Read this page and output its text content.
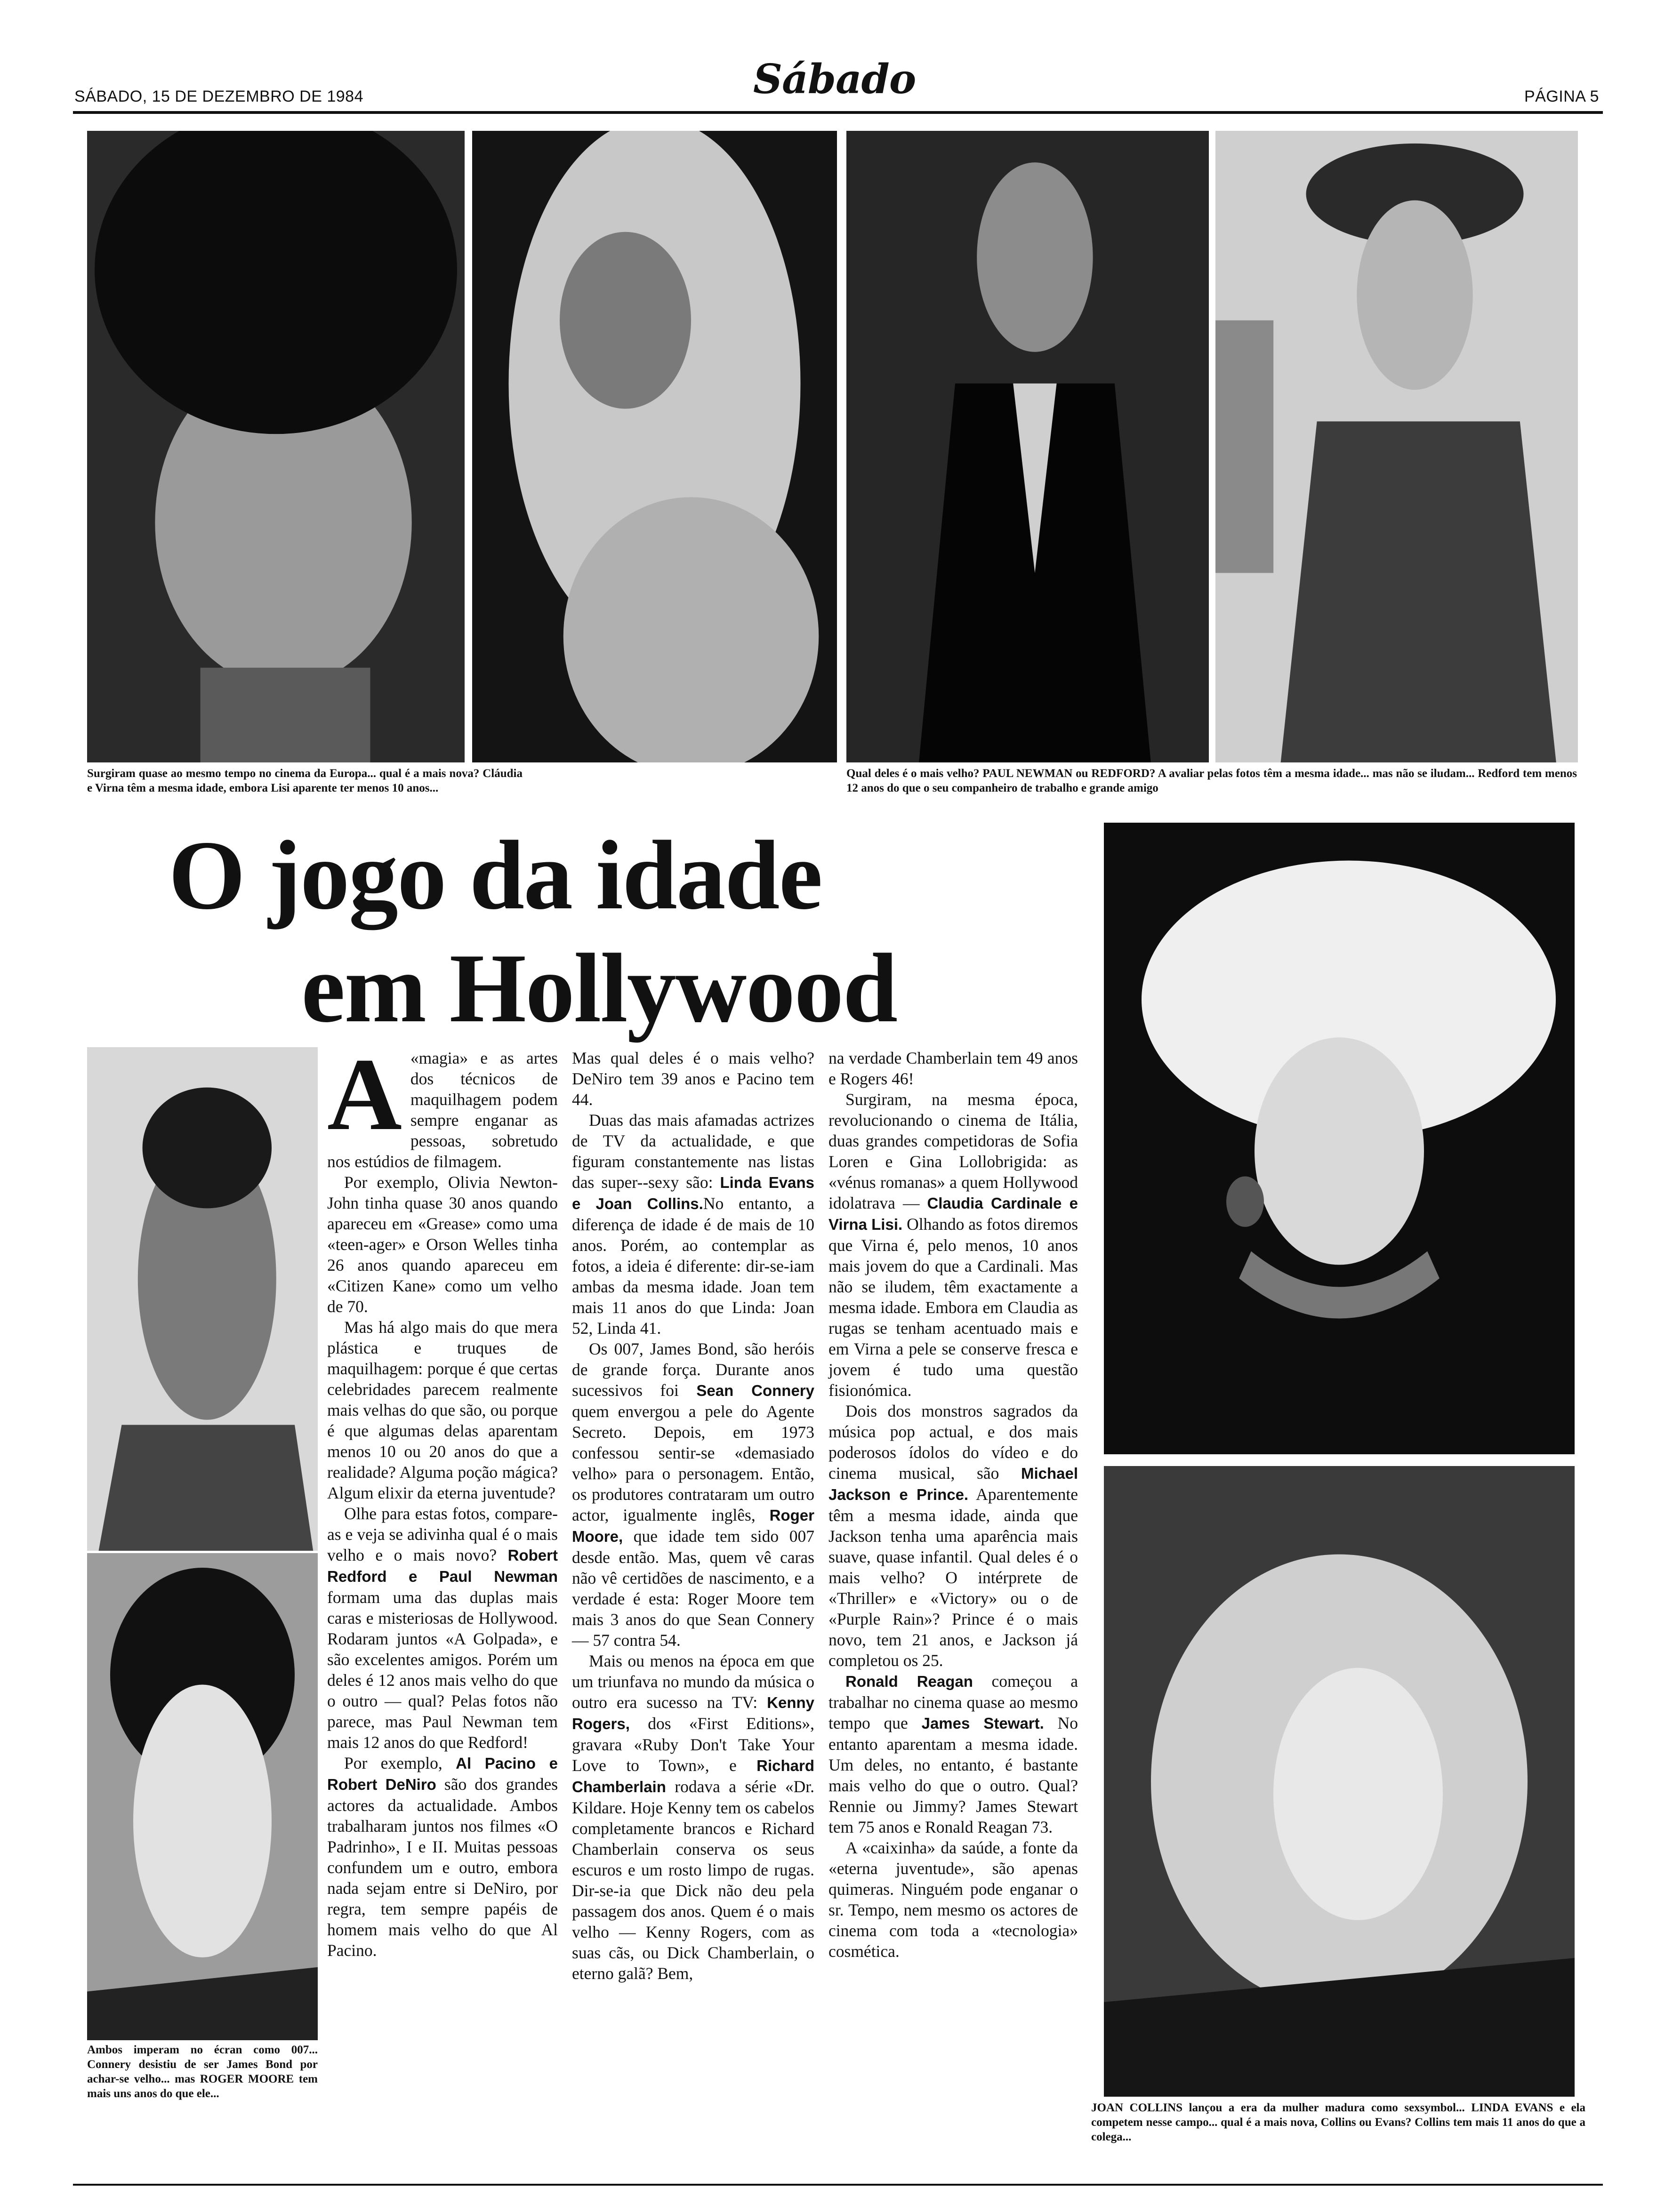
SÁBADO, 15 DE DEZEMBRO DE 1984	Sábado	PÁGINA 5
Surgiram quase ao mesmo tempo no cinema da Europa... qual é a mais nova? Cláudia e Virna têm a mesma idade, embora Lisi aparente ter menos 10 anos...
Qual deles é o mais velho? PAUL NEWMAN ou REDFORD? A avaliar pelas fotos têm a mesma idade... mas não se iludam... Redford tem menos 12 anos do que o seu companheiro de trabalho e grande amigo
O jogo da idade
em Hollywood
JOAN COLLINS lançou a era da mulher madura como sexsymbol... LINDA EVANS e ela competem nesse campo... qual é a mais nova, Collins ou Evans? Collins tem mais 11 anos do que a colega...
Ambos imperam no écran como 007... Connery desistiu de ser James Bond por achar-se velho... mas ROGER MOORE tem mais uns anos do que ele...

A «magia» e as artes dos técnicos de maquilhagem podem sempre enganar as pessoas, sobretudo nos estúdios de filmagem.

Por exemplo, Olivia Newton-John tinha quase 30 anos quando apareceu em «Grease» como uma «teen-ager» e Orson Welles tinha 26 anos quando apareceu em «Citizen Kane» como um velho de 70.

Mas há algo mais do que mera plástica e truques de maquilhagem: porque é que certas celebridades parecem realmente mais velhas do que são, ou porque é que algumas delas aparentam menos 10 ou 20 anos do que a realidade? Alguma poção mágica? Algum elixir da eterna juventude?

Olhe para estas fotos, compare-as e veja se adivinha qual é o mais velho e o mais novo? Robert Redford e Paul Newman formam uma das duplas mais caras e misteriosas de Hollywood. Rodaram juntos «A Golpada», e são excelentes amigos. Porém um deles é 12 anos mais velho do que o outro — qual? Pelas fotos não parece, mas Paul Newman tem mais 12 anos do que Redford!

Por exemplo, Al Pacino e Robert DeNiro são dos grandes actores da actualidade. Ambos trabalharam juntos nos filmes «O Padrinho», I e II. Muitas pessoas confundem um e outro, embora nada sejam entre si DeNiro, por regra, tem sempre papéis de homem mais velho do que Al Pacino.

Mas qual deles é o mais velho? DeNiro tem 39 anos e Pacino tem 44.

Duas das mais afamadas actrizes de TV da actualidade, e que figuram constantemente nas listas das super--sexy são: Linda Evans e Joan Collins.No entanto, a diferença de idade é de mais de 10 anos. Porém, ao contemplar as fotos, a ideia é diferente: dir-se-iam ambas da mesma idade. Joan tem mais 11 anos do que Linda: Joan 52, Linda 41.

Os 007, James Bond, são heróis de grande força. Durante anos sucessivos foi Sean Connery quem envergou a pele do Agente Secreto. Depois, em 1973 confessou sentir-se «demasiado velho» para o personagem. Então, os produtores contrataram um outro actor, igualmente inglês, Roger Moore, que idade tem sido 007 desde então. Mas, quem vê caras não vê certidões de nascimento, e a verdade é esta: Roger Moore tem mais 3 anos do que Sean Connery — 57 contra 54.

Mais ou menos na época em que um triunfava no mundo da música o outro era sucesso na TV: Kenny Rogers, dos «First Editions», gravara «Ruby Don't Take Your Love to Town», e Richard Chamberlain rodava a série «Dr. Kildare. Hoje Kenny tem os cabelos completamente brancos e Richard Chamberlain conserva os seus escuros e um rosto limpo de rugas. Dir-se-ia que Dick não deu pela passagem dos anos. Quem é o mais velho — Kenny Rogers, com as suas cãs, ou Dick Chamberlain, o eterno galã? Bem,

na verdade Chamberlain tem 49 anos e Rogers 46!

Surgiram, na mesma época, revolucionando o cinema de Itália, duas grandes competidoras de Sofia Loren e Gina Lollobrigida: as «vénus romanas» a quem Hollywood idolatrava — Claudia Cardinale e Virna Lisi. Olhando as fotos diremos que Virna é, pelo menos, 10 anos mais jovem do que a Cardinali. Mas não se iludem, têm exactamente a mesma idade. Embora em Claudia as rugas se tenham acentuado mais e em Virna a pele se conserve fresca e jovem é tudo uma questão fisionómica.

Dois dos monstros sagrados da música pop actual, e dos mais poderosos ídolos do vídeo e do cinema musical, são Michael Jackson e Prince. Aparentemente têm a mesma idade, ainda que Jackson tenha uma aparência mais suave, quase infantil. Qual deles é o mais velho? O intérprete de «Thriller» e «Victory» ou o de «Purple Rain»? Prince é o mais novo, tem 21 anos, e Jackson já completou os 25.

Ronald Reagan começou a trabalhar no cinema quase ao mesmo tempo que James Stewart. No entanto aparentam a mesma idade. Um deles, no entanto, é bastante mais velho do que o outro. Qual? Rennie ou Jimmy? James Stewart tem 75 anos e Ronald Reagan 73.

A «caixinha» da saúde, a fonte da «eterna juventude», são apenas quimeras. Ninguém pode enganar o sr. Tempo, nem mesmo os actores de cinema com toda a «tecnologia» cosmética.
